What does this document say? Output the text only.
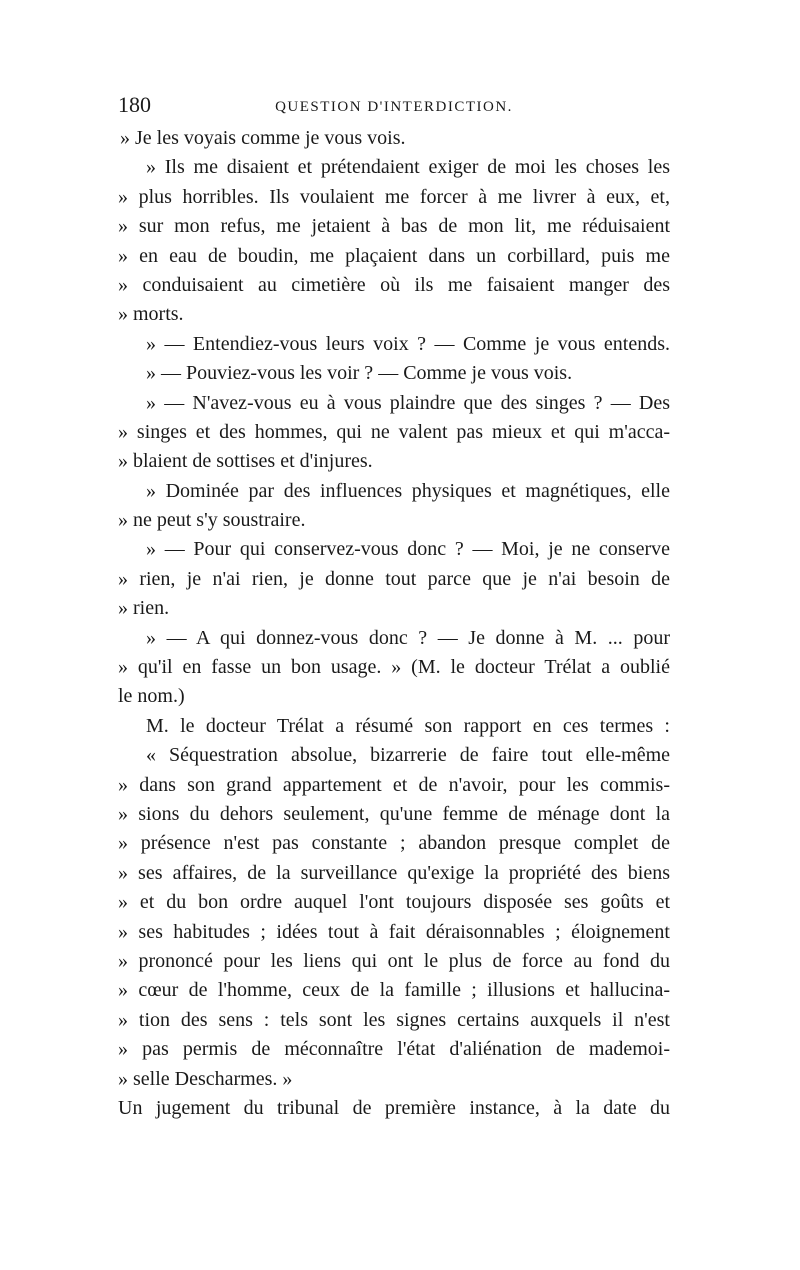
180	QUESTION D'INTERDICTION.
» Je les voyais comme je vous vois.
» Ils me disaient et prétendaient exiger de moi les choses les
» plus horribles. Ils voulaient me forcer à me livrer à eux, et,
» sur mon refus, me jetaient à bas de mon lit, me réduisaient
» en eau de boudin, me plaçaient dans un corbillard, puis me
» conduisaient au cimetière où ils me faisaient manger des
» morts.
» — Entendiez-vous leurs voix ? — Comme je vous entends.
» — Pouviez-vous les voir ? — Comme je vous vois.
» — N'avez-vous eu à vous plaindre que des singes ? — Des
» singes et des hommes, qui ne valent pas mieux et qui m'acca-
» blaient de sottises et d'injures.
» Dominée par des influences physiques et magnétiques, elle
» ne peut s'y soustraire.
» — Pour qui conservez-vous donc ? — Moi, je ne conserve
» rien, je n'ai rien, je donne tout parce que je n'ai besoin de
» rien.
» — A qui donnez-vous donc ? — Je donne à M. ... pour
» qu'il en fasse un bon usage. » (M. le docteur Trélat a oublié
le nom.)
M. le docteur Trélat a résumé son rapport en ces termes :
« Séquestration absolue, bizarrerie de faire tout elle-même
» dans son grand appartement et de n'avoir, pour les commis-
» sions du dehors seulement, qu'une femme de ménage dont la
» présence n'est pas constante ; abandon presque complet de
» ses affaires, de la surveillance qu'exige la propriété des biens
» et du bon ordre auquel l'ont toujours disposée ses goûts et
» ses habitudes ; idées tout à fait déraisonnables ; éloignement
» prononcé pour les liens qui ont le plus de force au fond du
» cœur de l'homme, ceux de la famille ; illusions et hallucina-
» tion des sens : tels sont les signes certains auxquels il n'est
» pas permis de méconnaître l'état d'aliénation de mademoi-
» selle Descharmes. »
Un jugement du tribunal de première instance, à la date du
